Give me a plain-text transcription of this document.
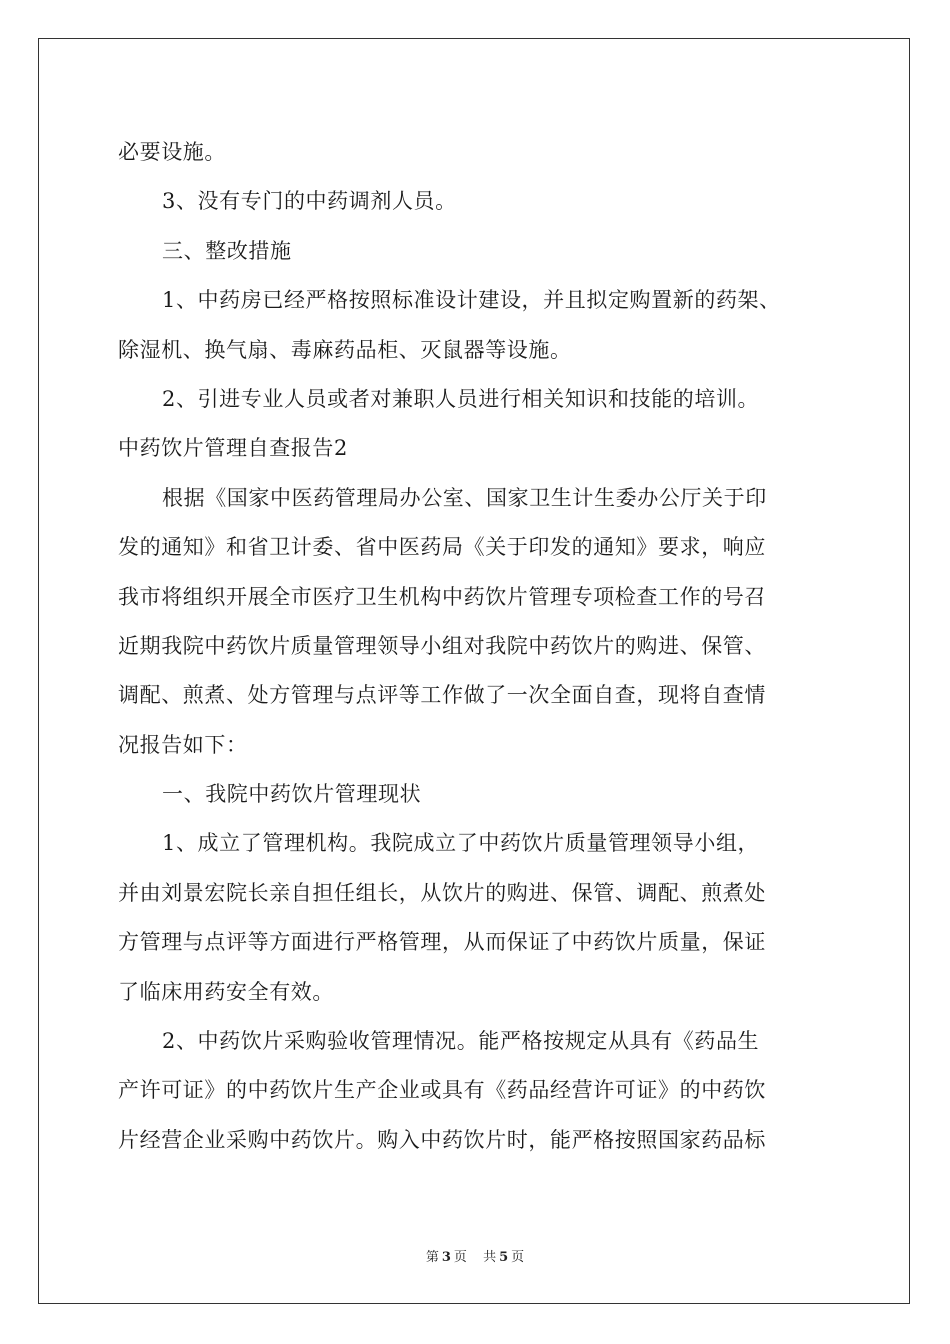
必要设施。
3、没有专门的中药调剂人员。
三、整改措施
1、中药房已经严格按照标准设计建设，并且拟定购置新的药架、
除湿机、换气扇、毒麻药品柜、灭鼠器等设施。
2、引进专业人员或者对兼职人员进行相关知识和技能的培训。
中药饮片管理自查报告2
根据《国家中医药管理局办公室、国家卫生计生委办公厅关于印
发的通知》和省卫计委、省中医药局《关于印发的通知》要求，响应
我市将组织开展全市医疗卫生机构中药饮片管理专项检查工作的号召
近期我院中药饮片质量管理领导小组对我院中药饮片的购进、保管、
调配、煎煮、处方管理与点评等工作做了一次全面自查，现将自查情
况报告如下：
一、我院中药饮片管理现状
1、成立了管理机构。我院成立了中药饮片质量管理领导小组，
并由刘景宏院长亲自担任组长，从饮片的购进、保管、调配、煎煮处
方管理与点评等方面进行严格管理，从而保证了中药饮片质量，保证
了临床用药安全有效。
2、中药饮片采购验收管理情况。能严格按规定从具有《药品生
产许可证》的中药饮片生产企业或具有《药品经营许可证》的中药饮
片经营企业采购中药饮片。购入中药饮片时，能严格按照国家药品标
第 3 页 共 5 页
